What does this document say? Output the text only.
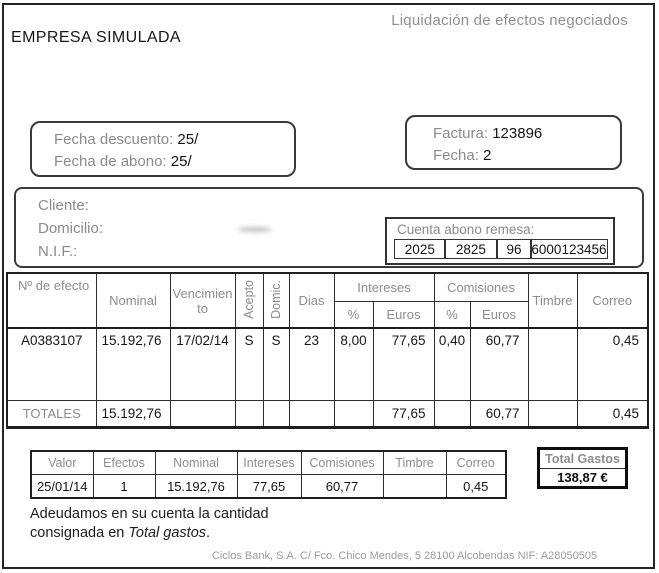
Liquidación de efectos negociados
EMPRESA SIMULADA
Fecha descuento: 25/
Fecha de abono: 25/
Factura: 123896
Fecha: 2
Cliente:
Domicilio:
N.I.F.:
Cuenta abono remesa:
2025	2825	96 6000123456
Nº de efecto	Nominal	Vencimiento	Acepto	Domic.	Dias	Intereses		Comisiones		Timbre	Correo
						%	Euros	%	Euros		
A0383107	15.192,76	17/02/14	S	S	23	8,00	77,65	0,40	60,77		0,45
TOTALES	15.192,76						77,65		60,77		0,45
Valor	Efectos	Nominal	Intereses	Comisiones	Timbre	Correo
25/01/14	1	15.192,76	77,65	60,77		0,45
Total Gastos
138,87 €
Adeudamos en su cuenta la cantidad
consignada en Total gastos.
Ciclos Bank, S.A. C/ Fco. Chico Mendes, 5 28100 Alcobendas NIF: A28050505
